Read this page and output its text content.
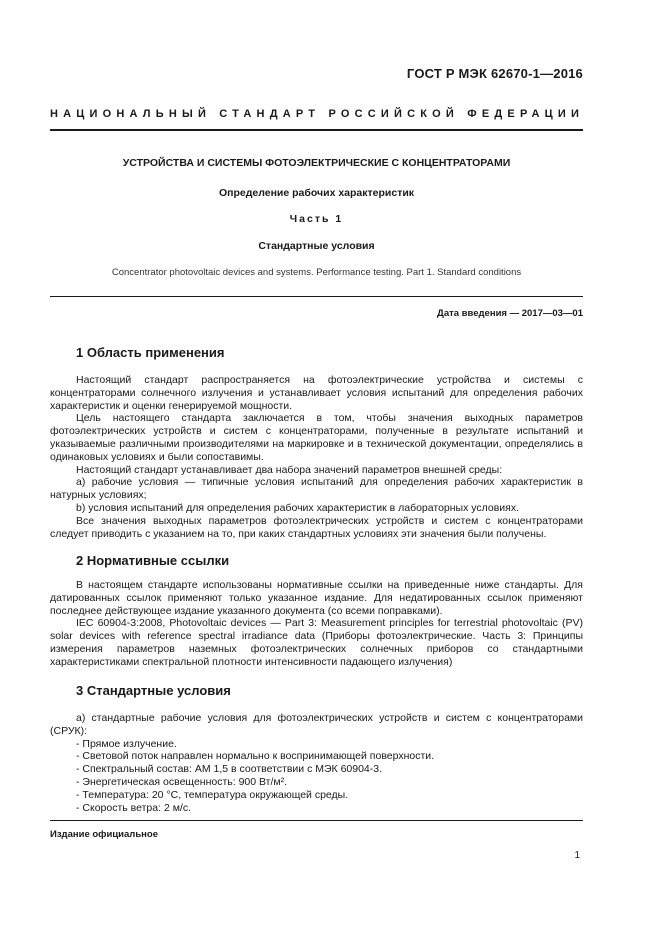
ГОСТ Р МЭК 62670-1—2016
НАЦИОНАЛЬНЫЙ СТАНДАРТ РОССИЙСКОЙ ФЕДЕРАЦИИ
УСТРОЙСТВА И СИСТЕМЫ ФОТОЭЛЕКТРИЧЕСКИЕ С КОНЦЕНТРАТОРАМИ
Определение рабочих характеристик
Часть 1
Стандартные условия
Concentrator photovoltaic devices and systems. Performance testing. Part 1. Standard conditions
Дата введения — 2017—03—01
1 Область применения

Настоящий стандарт распространяется на фотоэлектрические устройства и системы с концентраторами солнечного излучения и устанавливает условия испытаний для определения рабочих характеристик и оценки генерируемой мощности.

Цель настоящего стандарта заключается в том, чтобы значения выходных параметров фотоэлектрических устройств и систем с концентраторами, полученные в результате испытаний и указываемые различными производителями на маркировке и в технической документации, определялись в одинаковых условиях и были сопоставимы.

Настоящий стандарт устанавливает два набора значений параметров внешней среды:

a) рабочие условия — типичные условия испытаний для определения рабочих характеристик в натурных условиях;

b) условия испытаний для определения рабочих характеристик в лабораторных условиях.

Все значения выходных параметров фотоэлектрических устройств и систем с концентраторами следует приводить с указанием на то, при каких стандартных условиях эти значения были получены.

2 Нормативные ссылки

В настоящем стандарте использованы нормативные ссылки на приведенные ниже стандарты. Для датированных ссылок применяют только указанное издание. Для недатированных ссылок применяют последнее действующее издание указанного документа (со всеми поправками).

IEC 60904-3:2008, Photovoltaic devices — Part 3: Measurement principles for terrestrial photovoltaic (PV) solar devices with reference spectral irradiance data (Приборы фотоэлектрические. Часть 3: Принципы измерения параметров наземных фотоэлектрических солнечных приборов со стандартными характеристиками спектральной плотности интенсивности падающего излучения)

3 Стандартные условия

а) стандартные рабочие условия для фотоэлектрических устройств и систем с концентраторами (СРУК):

- Прямое излучение.

- Световой поток направлен нормально к воспринимающей поверхности.

- Спектральный состав: АМ 1,5 в соответствии с МЭК 60904-3.

- Энергетическая освещенность: 900 Вт/м².

- Температура: 20 °С, температура окружающей среды.

- Скорость ветра: 2 м/с.

Издание официальное
1
